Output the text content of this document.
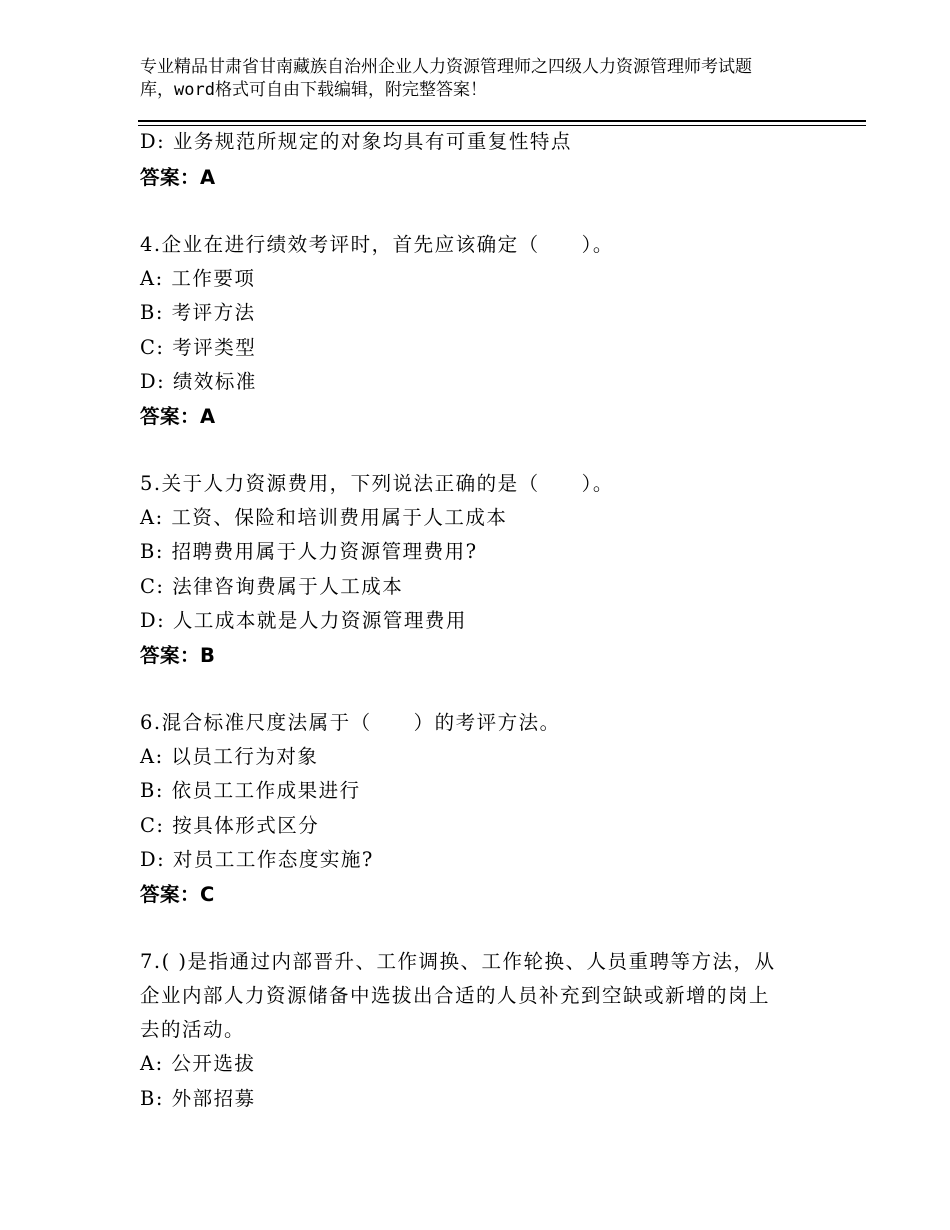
专业精品甘肃省甘南藏族自治州企业人力资源管理师之四级人力资源管理师考试题
库，word格式可自由下载编辑，附完整答案！
D: 业务规范所规定的对象均具有可重复性特点
答案：A
4.企业在进行绩效考评时，首先应该确定（　　）。
A: 工作要项
B: 考评方法
C: 考评类型
D: 绩效标准
答案：A
5.关于人力资源费用，下列说法正确的是（　　）。
A: 工资、保险和培训费用属于人工成本
B: 招聘费用属于人力资源管理费用?
C: 法律咨询费属于人工成本
D: 人工成本就是人力资源管理费用
答案：B
6.混合标准尺度法属于（　　）的考评方法。
A: 以员工行为对象
B: 依员工工作成果进行
C: 按具体形式区分
D: 对员工工作态度实施?
答案：C
7.( )是指通过内部晋升、工作调换、工作轮换、人员重聘等方法，从
企业内部人力资源储备中选拔出合适的人员补充到空缺或新增的岗上
去的活动。
A: 公开选拔
B: 外部招募
